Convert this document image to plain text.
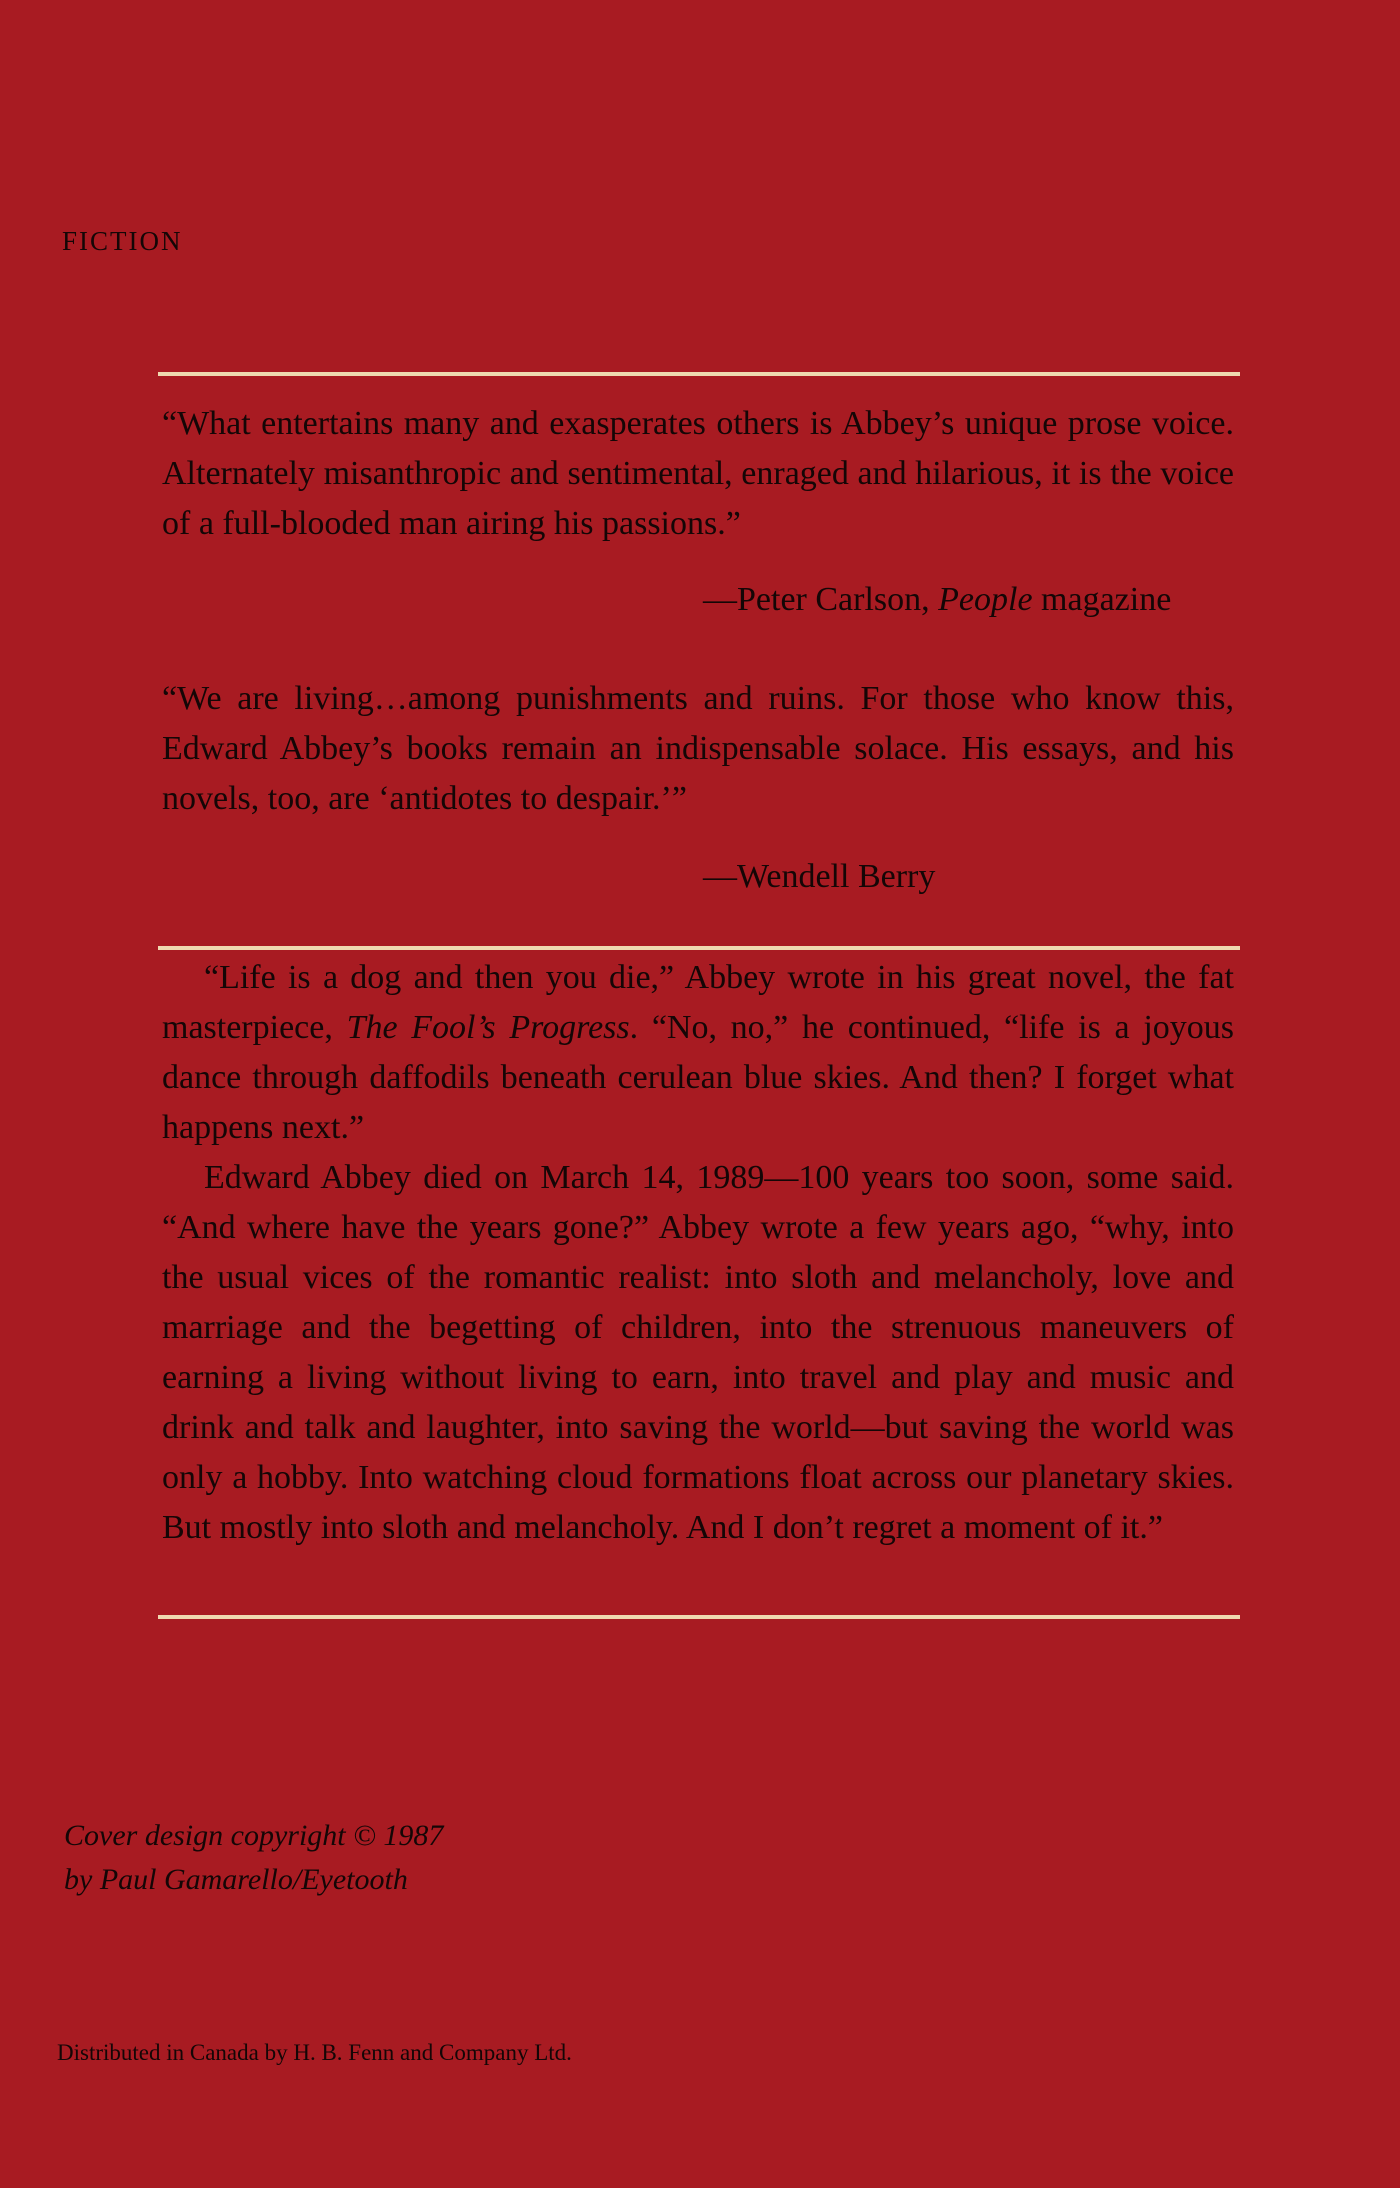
FICTION
“What entertains many and exasperates others is Abbey’s unique prose voice. Alternately misanthropic and sentimental, enraged and hilarious, it is the voice of a full-blooded man airing his passions.”
—Peter Carlson, People magazine
“We are living…among punishments and ruins. For those who know this, Edward Abbey’s books remain an indispensable solace. His essays, and his novels, too, are ‘antidotes to despair.’”
—Wendell Berry

“Life is a dog and then you die,” Abbey wrote in his great novel, the fat masterpiece, The Fool’s Progress. “No, no,” he continued, “life is a joyous dance through daffodils beneath cerulean blue skies. And then? I forget what happens next.”

Edward Abbey died on March 14, 1989—100 years too soon, some said. “And where have the years gone?” Abbey wrote a few years ago, “why, into the usual vices of the romantic realist: into sloth and melancholy, love and marriage and the begetting of children, into the strenuous maneuvers of earning a living without living to earn, into travel and play and music and drink and talk and laughter, into saving the world—but saving the world was only a hobby. Into watching cloud formations float across our planetary skies. But mostly into sloth and melancholy. And I don’t regret a moment of it.”

Cover design copyright © 1987
by Paul Gamarello/Eyetooth
Distributed in Canada by H. B. Fenn and Company Ltd.
